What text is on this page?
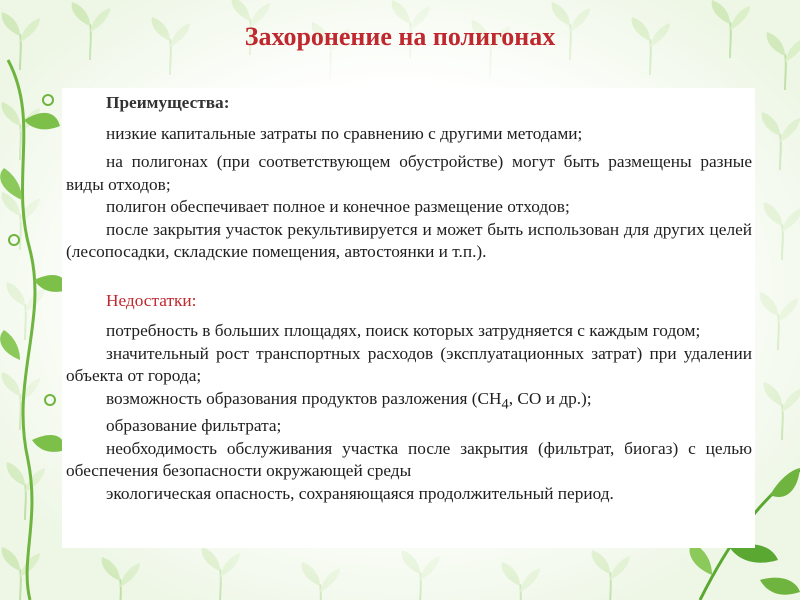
Захоронение на полигонах

Преимущества:

низкие капитальные затраты по сравнению с другими методами;

на полигонах (при соответствующем обустройстве) могут быть размещены разные виды отходов;

полигон обеспечивает полное и конечное размещение отходов;

после закрытия участок рекультивируется и может быть использован для других целей (лесопосадки, складские помещения, автостоянки и т.п.).

Недостатки:

потребность в больших площадях, поиск которых затрудняется с каждым годом;

значительный рост транспортных расходов (эксплуатационных затрат) при удалении объекта от города;

возможность образования продуктов разложения ($CH_4$, CO и др.);

образование фильтрата;

необходимость обслуживания участка после закрытия (фильтрат, биогаз) с целью обеспечения безопасности окружающей среды

экологическая опасность, сохраняющаяся продолжительный период.
